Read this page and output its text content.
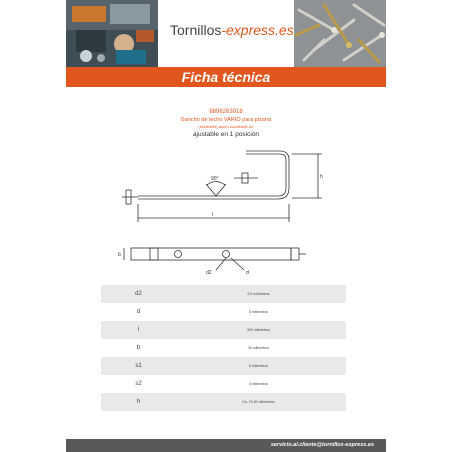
Tornillos-express.es
Ficha técnica
8896263018
Gancho de techo VARIO para pizarra
(sticilbebit) acero inoxidable A2
ajustable en 1 posición
90°	h
l
b
d2	d
d2	5,5 milímetros
d	8 milímetros
l	303 milímetros
b	20 milímetros
s1	8 milímetros
s2	4 milímetros
h	Ca. 70-90 milímetros
servicio.al.cliente@tornillos-express.es
